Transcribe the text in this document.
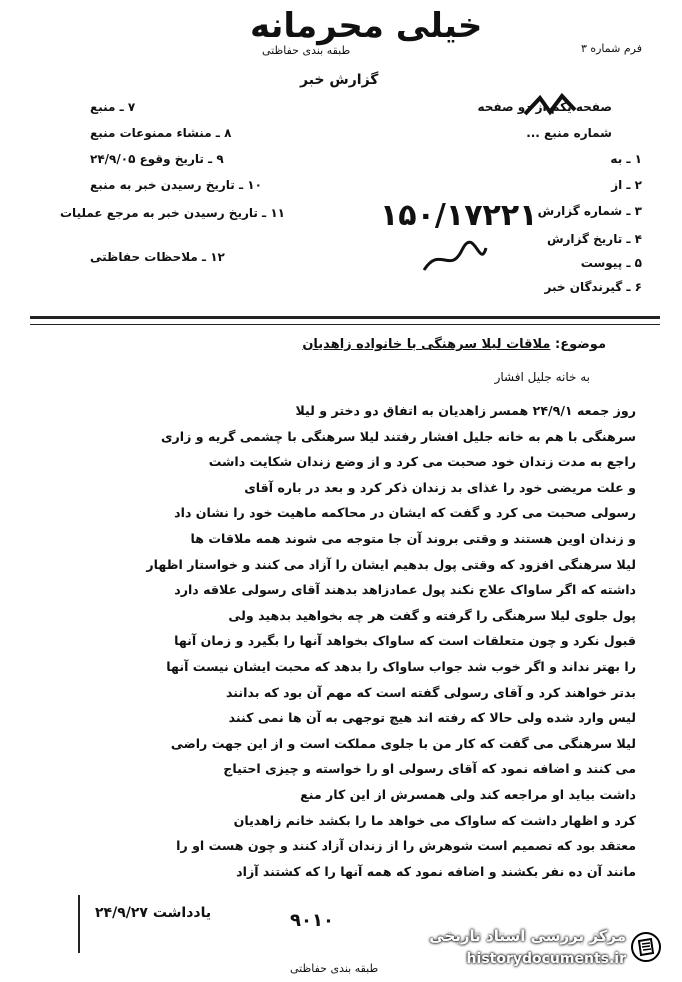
خیلی محرمانه
طبقه بندی حفاظتی	فرم شماره ۳
گزارش خبر
صفحه یکم از دو صفحه
شماره منبع ...
۷ ـ منبع
۸ ـ منشاء ممنوعات منبع
۹ ـ تاریخ وقوع ۲۴/۹/۰۵
۱۰ ـ تاریخ رسیدن خبر به منبع
۱۱ ـ تاریخ رسیدن خبر به مرجع عملیات
۱۲ ـ ملاحظات حفاظتی
۱ ـ به
۲ ـ از
۳ ـ شماره گزارش
۴ ـ تاریخ گزارش
۵ ـ پیوست
۶ ـ گیرندگان خبر
۱۵۰/۱۷۲۲۱
موضوع: ملاقات لیلا سرهنگی با خانواده زاهدیان
به خانه جلیل افشار

روز جمعه ۲۴/۹/۱ همسر زاهدیان به اتفاق دو دختر و لیلا

سرهنگی با هم به خانه جلیل افشار رفتند لیلا سرهنگی با چشمی گریه و زاری

راجع به مدت زندان خود صحبت می کرد و از وضع زندان شکایت داشت

و علت مریضی خود را غذای بد زندان ذکر کرد و بعد در باره آقای

رسولی صحبت می کرد و گفت که ایشان در محاکمه ماهیت خود را نشان داد

و زندان اوین هستند و وقتی بروند آن جا متوجه می شوند همه ملاقات ها

لیلا سرهنگی افزود که وقتی پول بدهیم ایشان را آزاد می کنند و خواستار اظهار

داشته که اگر ساواک علاج نکند پول عمادزاهد بدهند آقای رسولی علاقه دارد

پول جلوی لیلا سرهنگی را گرفته و گفت هر چه بخواهید بدهید ولی

قبول نکرد و چون متعلقات است که ساواک بخواهد آنها را بگیرد و زمان آنها

را بهتر نداند و اگر خوب شد جواب ساواک را بدهد که محبت ایشان نیست آنها

بدتر خواهند کرد و آقای رسولی گفته است که مهم آن بود که بدانند

لیس وارد شده ولی حالا که رفته اند هیچ توجهی به آن ها نمی کنند

لیلا سرهنگی می گفت که کار من با جلوی مملکت است و از این جهت راضی

می کنند و اضافه نمود که آقای رسولی او را خواسته و چیزی احتیاج

داشت بیاید او مراجعه کند ولی همسرش از این کار منع

کرد و اظهار داشت که ساواک می خواهد ما را بکشد خانم زاهدیان

معتقد بود که تصمیم است شوهرش را از زندان آزاد کنند و چون هست او را

مانند آن ده نفر بکشند و اضافه نمود که همه آنها را که کشتند آزاد

یادداشت ۲۴/۹/۲۷	۹۰۱۰
طبقه بندی حفاظتی
مرکز بررسی اسناد تاریخی
historydocuments.ir
